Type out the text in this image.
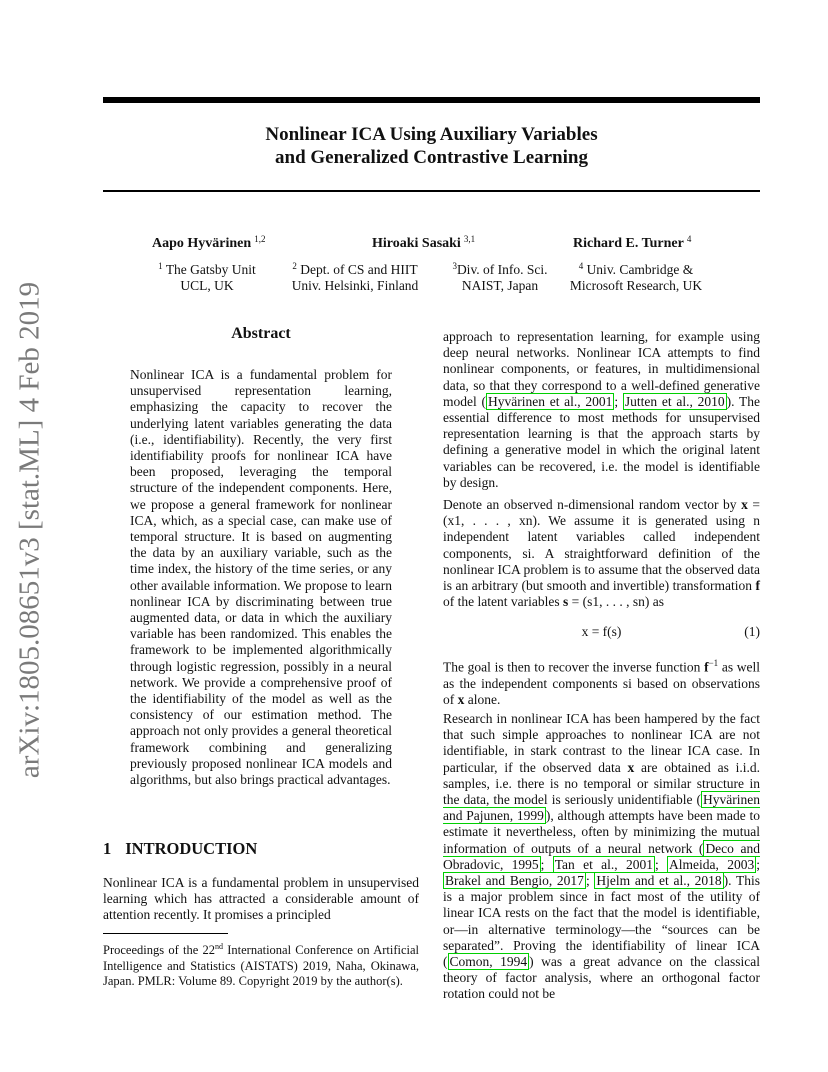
Nonlinear ICA Using Auxiliary Variables
and Generalized Contrastive Learning
Aapo Hyvärinen $^{1,2}$	Hiroaki Sasaki $^{3,1}$	Richard E. Turner $^4$
$^1$ The Gatsby Unit
UCL, UK
$^2$ Dept. of CS and HIIT
Univ. Helsinki, Finland
$^3$Div. of Info. Sci.
NAIST, Japan
$^4$ Univ. Cambridge &
Microsoft Research, UK
arXiv:1805.08651v3 [stat.ML] 4 Feb 2019	Abstract
Nonlinear ICA is a fundamental problem for unsupervised representation learning, emphasizing the capacity to recover the underlying latent variables generating the data (i.e., identifiability). Recently, the very first identifiability proofs for nonlinear ICA have been proposed, leveraging the temporal structure of the independent components. Here, we propose a general framework for nonlinear ICA, which, as a special case, can make use of temporal structure. It is based on augmenting the data by an auxiliary variable, such as the time index, the history of the time series, or any other available information. We propose to learn nonlinear ICA by discriminating between true augmented data, or data in which the auxiliary variable has been randomized. This enables the framework to be implemented algorithmically through logistic regression, possibly in a neural network. We provide a comprehensive proof of the identifiability of the model as well as the consistency of our estimation method. The approach not only provides a general theoretical framework combining and generalizing previously proposed nonlinear ICA models and algorithms, but also brings practical advantages.
1 INTRODUCTION
Nonlinear ICA is a fundamental problem in unsupervised learning which has attracted a considerable amount of attention recently. It promises a principled
Proceedings of the 22nd International Conference on Artificial Intelligence and Statistics (AISTATS) 2019, Naha, Okinawa, Japan. PMLR: Volume 89. Copyright 2019 by the author(s).
approach to representation learning, for example using deep neural networks. Nonlinear ICA attempts to find nonlinear components, or features, in multidimensional data, so that they correspond to a well-defined generative model ( Hyvärinen et al., 2001 ; Jutten et al., 2010 ). The essential difference to most methods for unsupervised representation learning is that the approach starts by defining a generative model in which the original latent variables can be recovered, i.e. the model is identifiable by design.
Denote an observed n-dimensional random vector by x = (x1, . . . , xn). We assume it is generated using n independent latent variables called independent components, si. A straightforward definition of the nonlinear ICA problem is to assume that the observed data is an arbitrary (but smooth and invertible) transformation f of the latent variables s = (s1, . . . , sn) as
x = f(s)	(1)
The goal is then to recover the inverse function $f^{-1}$ as well as the independent components si based on observations of x alone.
Research in nonlinear ICA has been hampered by the fact that such simple approaches to nonlinear ICA are not identifiable, in stark contrast to the linear ICA case. In particular, if the observed data x are obtained as i.i.d. samples, i.e. there is no temporal or similar structure in the data, the model is seriously unidentifiable ( Hyvärinen and Pajunen, 1999 ), although attempts have been made to estimate it nevertheless, often by minimizing the mutual information of outputs of a neural network ( Deco and Obradovic, 1995 ; Tan et al., 2001 ; Almeida, 2003 ; Brakel and Bengio, 2017 ; Hjelm and et al., 2018 ). This is a major problem since in fact most of the utility of linear ICA rests on the fact that the model is identifiable, or—in alternative terminology—the “sources can be separated”. Proving the identifiability of linear ICA ( Comon, 1994 ) was a great advance on the classical theory of factor analysis, where an orthogonal factor rotation could not be
